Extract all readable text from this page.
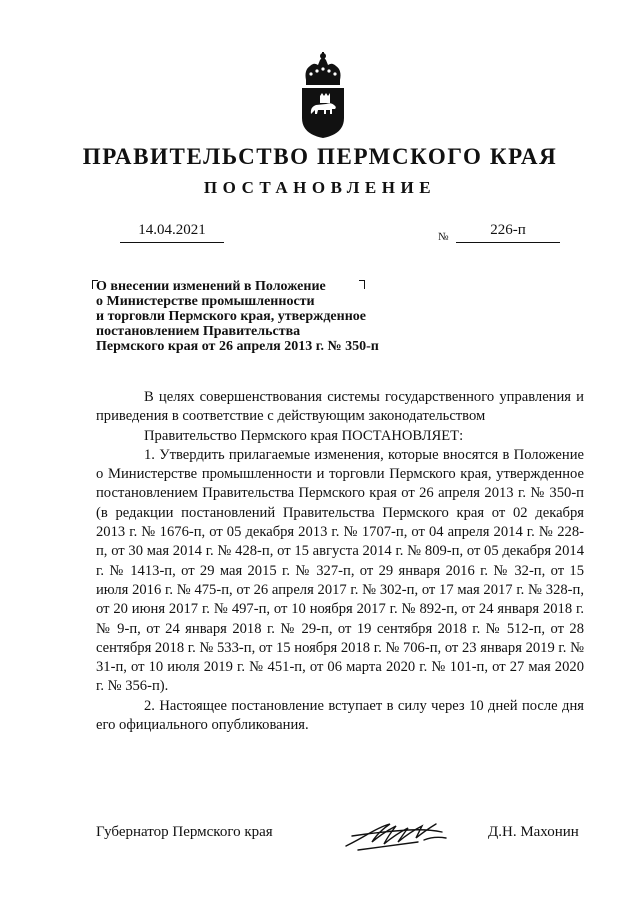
ПРАВИТЕЛЬСТВО ПЕРМСКОГО КРАЯ
ПОСТАНОВЛЕНИЕ
14.04.2021	№	226-п
О внесении изменений в Положение
о Министерстве промышленности
и торговли Пермского края, утвержденное
постановлением Правительства
Пермского края от 26 апреля 2013 г. № 350-п

В целях совершенствования системы государственного управления и приведения в соответствие с действующим законодательством

Правительство Пермского края ПОСТАНОВЛЯЕТ:

1. Утвердить прилагаемые изменения, которые вносятся в Положение о Министерстве промышленности и торговли Пермского края, утвержденное постановлением Правительства Пермского края от 26 апреля 2013 г. № 350-п (в редакции постановлений Правительства Пермского края от 02 декабря 2013 г. № 1676-п, от 05 декабря 2013 г. № 1707-п, от 04 апреля 2014 г. № 228-п, от 30 мая 2014 г. № 428-п, от 15 августа 2014 г. № 809-п, от 05 декабря 2014 г. № 1413-п, от 29 мая 2015 г. № 327-п, от 29 января 2016 г. № 32-п, от 15 июля 2016 г. № 475-п, от 26 апреля 2017 г. № 302-п, от 17 мая 2017 г. № 328-п, от 20 июня 2017 г. № 497-п, от 10 ноября 2017 г. № 892-п, от 24 января 2018 г. № 9-п, от 24 января 2018 г. № 29-п, от 19 сентября 2018 г. № 512-п, от 28 сентября 2018 г. № 533-п, от 15 ноября 2018 г. № 706-п, от 23 января 2019 г. № 31-п, от 10 июля 2019 г. № 451-п, от 06 марта 2020 г. № 101-п, от 27 мая 2020 г. № 356-п).

2. Настоящее постановление вступает в силу через 10 дней после дня его официального опубликования.

Губернатор Пермского края	Д.Н. Махонин
